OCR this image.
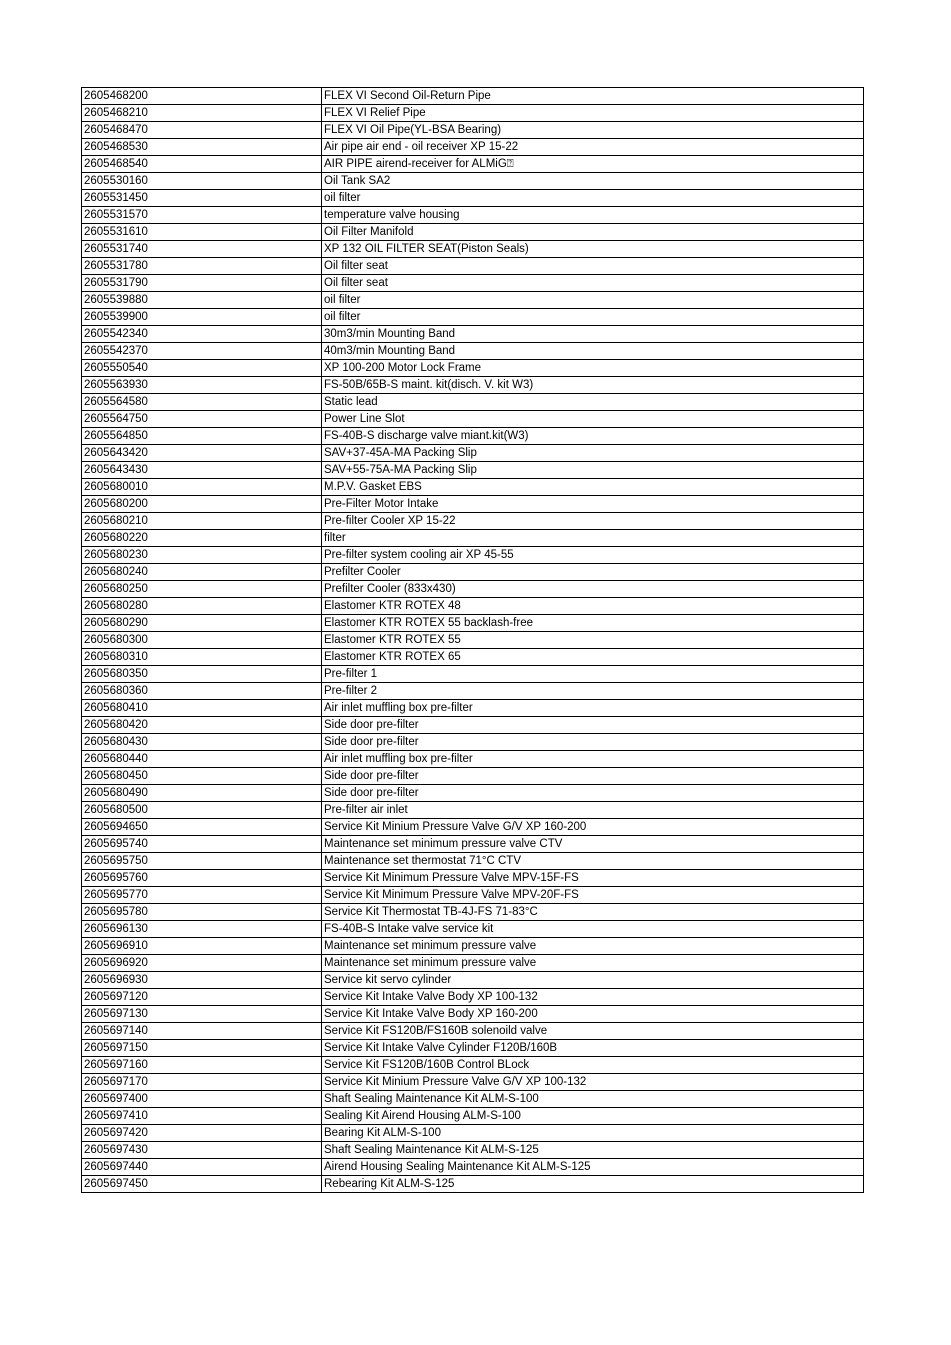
2605468200	FLEX VI Second Oil-Return Pipe
2605468210	FLEX VI Relief Pipe
2605468470	FLEX VI Oil Pipe(YL-BSA Bearing)
2605468530	Air pipe air end - oil receiver XP 15-22
2605468540	AIR PIPE airend-receiver for ALMiG⍰
2605530160	Oil Tank SA2
2605531450	oil filter
2605531570	temperature valve housing
2605531610	Oil Filter Manifold
2605531740	XP 132 OIL FILTER SEAT(Piston Seals)
2605531780	Oil filter seat
2605531790	Oil filter seat
2605539880	oil filter
2605539900	oil filter
2605542340	30m3/min Mounting Band
2605542370	40m3/min Mounting Band
2605550540	XP 100-200 Motor Lock Frame
2605563930	FS-50B/65B-S maint. kit(disch. V. kit W3)
2605564580	Static lead
2605564750	Power Line Slot
2605564850	FS-40B-S discharge valve miant.kit(W3)
2605643420	SAV+37-45A-MA Packing Slip
2605643430	SAV+55-75A-MA Packing Slip
2605680010	M.P.V. Gasket EBS
2605680200	Pre-Filter Motor Intake
2605680210	Pre-filter Cooler XP 15-22
2605680220	filter
2605680230	Pre-filter system cooling air XP 45-55
2605680240	Prefilter Cooler
2605680250	Prefilter Cooler (833x430)
2605680280	Elastomer KTR ROTEX 48
2605680290	Elastomer KTR ROTEX 55 backlash-free
2605680300	Elastomer KTR ROTEX 55
2605680310	Elastomer KTR ROTEX 65
2605680350	Pre-filter 1
2605680360	Pre-filter 2
2605680410	Air inlet muffling box pre-filter
2605680420	Side door pre-filter
2605680430	Side door pre-filter
2605680440	Air inlet muffling box pre-filter
2605680450	Side door pre-filter
2605680490	Side door pre-filter
2605680500	Pre-filter air inlet
2605694650	Service Kit Minium Pressure Valve G/V XP 160-200
2605695740	Maintenance set minimum pressure valve CTV
2605695750	Maintenance set thermostat 71°C CTV
2605695760	Service Kit Minimum Pressure Valve MPV-15F-FS
2605695770	Service Kit Minimum Pressure Valve MPV-20F-FS
2605695780	Service Kit Thermostat TB-4J-FS 71-83°C
2605696130	FS-40B-S Intake valve service kit
2605696910	Maintenance set minimum pressure valve
2605696920	Maintenance set minimum pressure valve
2605696930	Service kit servo cylinder
2605697120	Service Kit Intake Valve Body XP 100-132
2605697130	Service Kit Intake Valve Body XP 160-200
2605697140	Service Kit FS120B/FS160B solenoild valve
2605697150	Service Kit Intake Valve Cylinder F120B/160B
2605697160	Service Kit FS120B/160B Control BLock
2605697170	Service Kit Minium Pressure Valve G/V XP 100-132
2605697400	Shaft Sealing Maintenance Kit ALM-S-100
2605697410	Sealing Kit Airend Housing ALM-S-100
2605697420	Bearing Kit ALM-S-100
2605697430	Shaft Sealing Maintenance Kit ALM-S-125
2605697440	Airend Housing Sealing Maintenance Kit ALM-S-125
2605697450	Rebearing Kit ALM-S-125
